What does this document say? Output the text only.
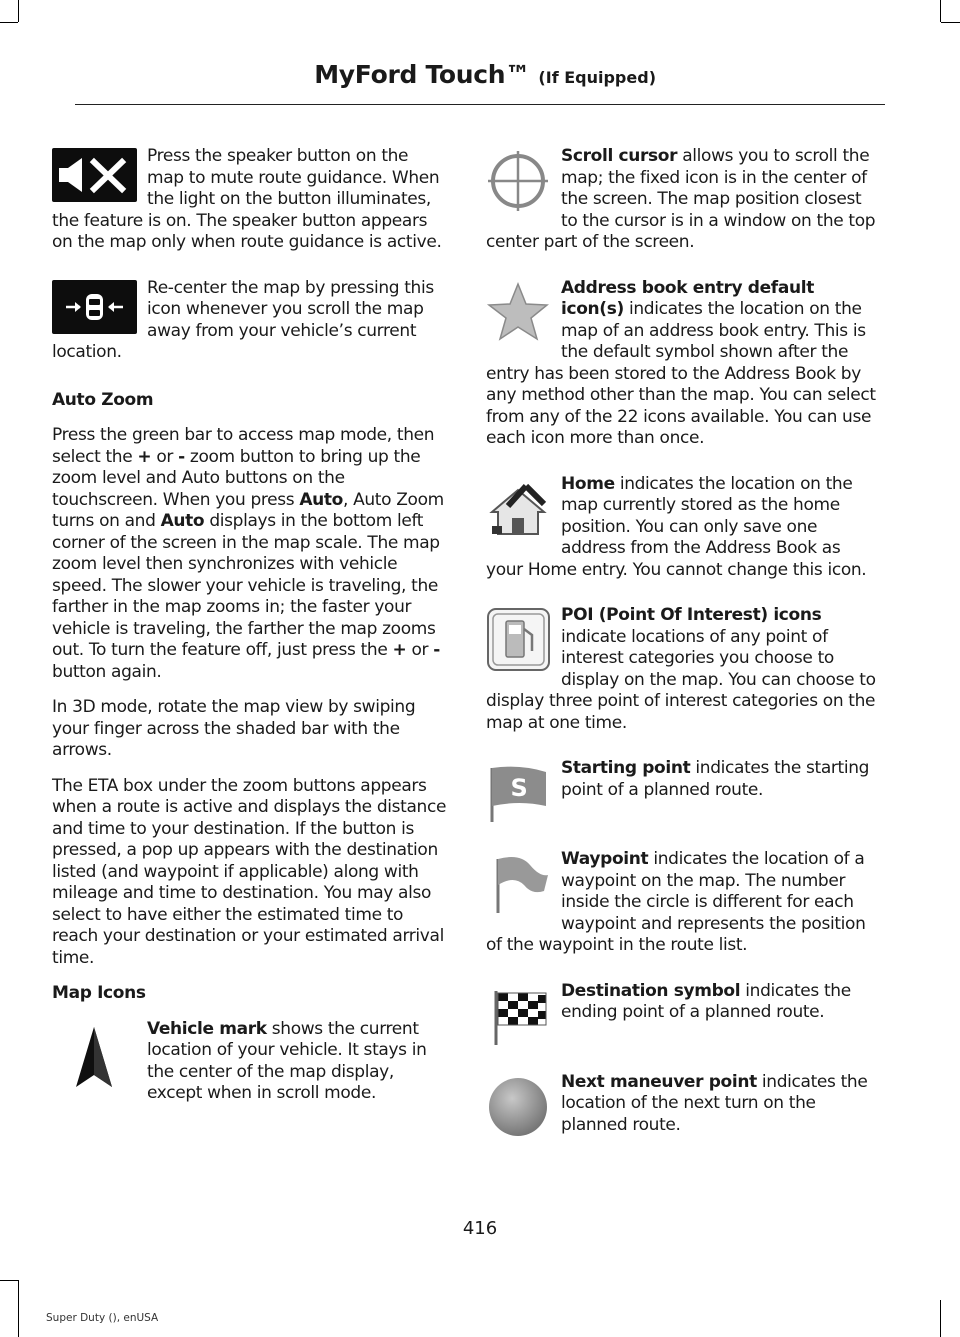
MyFord Touch™ (If Equipped)

Press the speaker button on the map to mute route guidance. When the light on the button illuminates, the feature is on. The speaker button appears on the map only when route guidance is active.

Re-center the map by pressing this icon whenever you scroll the map away from your vehicle’s current location.

Auto Zoom

Press the green bar to access map mode, then select the + or - zoom button to bring up the zoom level and Auto buttons on the touchscreen. When you press Auto, Auto Zoom turns on and Auto displays in the bottom left corner of the screen in the map scale. The map zoom level then synchronizes with vehicle speed. The slower your vehicle is traveling, the farther in the map zooms in; the faster your vehicle is traveling, the farther the map zooms out. To turn the feature off, just press the + or - button again.

In 3D mode, rotate the map view by swiping your finger across the shaded bar with the arrows.

The ETA box under the zoom buttons appears when a route is active and displays the distance and time to your destination. If the button is pressed, a pop up appears with the destination listed (and waypoint if applicable) along with mileage and time to destination. You may also select to have either the estimated time to reach your destination or your estimated arrival time.

Map Icons

Vehicle mark shows the current location of your vehicle. It stays in the center of the map display, except when in scroll mode.

Scroll cursor allows you to scroll the map; the fixed icon is in the center of the screen. The map position closest to the cursor is in a window on the top center part of the screen.

Address book entry default icon(s) indicates the location on the map of an address book entry. This is the default symbol shown after the entry has been stored to the Address Book by any method other than the map. You can select from any of the 22 icons available. You can use each icon more than once.

Home indicates the location on the map currently stored as the home position. You can only save one address from the Address Book as your Home entry. You cannot change this icon.

POI (Point Of Interest) icons indicate locations of any point of interest categories you choose to display on the map. You can choose to display three point of interest categories on the map at one time.

S

Starting point indicates the starting point of a planned route.

Waypoint indicates the location of a waypoint on the map. The number inside the circle is different for each waypoint and represents the position of the waypoint in the route list.

Destination symbol indicates the ending point of a planned route.

Next maneuver point indicates the location of the next turn on the planned route.

416
Super Duty (), enUSA
